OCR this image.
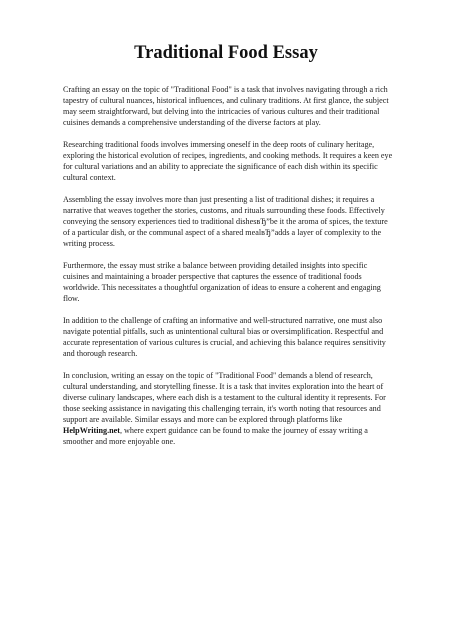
Traditional Food Essay

Crafting an essay on the topic of "Traditional Food" is a task that involves navigating through a rich tapestry of cultural nuances, historical influences, and culinary traditions. At first glance, the subject may seem straightforward, but delving into the intricacies of various cultures and their traditional cuisines demands a comprehensive understanding of the diverse factors at play.

Researching traditional foods involves immersing oneself in the deep roots of culinary heritage, exploring the historical evolution of recipes, ingredients, and cooking methods. It requires a keen eye for cultural variations and an ability to appreciate the significance of each dish within its specific cultural context.

Assembling the essay involves more than just presenting a list of traditional dishes; it requires a narrative that weaves together the stories, customs, and rituals surrounding these foods. Effectively conveying the sensory experiences tied to traditional dishesвЂ”be it the aroma of spices, the texture of a particular dish, or the communal aspect of a shared mealвЂ”adds a layer of complexity to the writing process.

Furthermore, the essay must strike a balance between providing detailed insights into specific cuisines and maintaining a broader perspective that captures the essence of traditional foods worldwide. This necessitates a thoughtful organization of ideas to ensure a coherent and engaging flow.

In addition to the challenge of crafting an informative and well-structured narrative, one must also navigate potential pitfalls, such as unintentional cultural bias or oversimplification. Respectful and accurate representation of various cultures is crucial, and achieving this balance requires sensitivity and thorough research.

In conclusion, writing an essay on the topic of "Traditional Food" demands a blend of research, cultural understanding, and storytelling finesse. It is a task that invites exploration into the heart of diverse culinary landscapes, where each dish is a testament to the cultural identity it represents. For those seeking assistance in navigating this challenging terrain, it's worth noting that resources and support are available. Similar essays and more can be explored through platforms like HelpWriting.net, where expert guidance can be found to make the journey of essay writing a smoother and more enjoyable one.
